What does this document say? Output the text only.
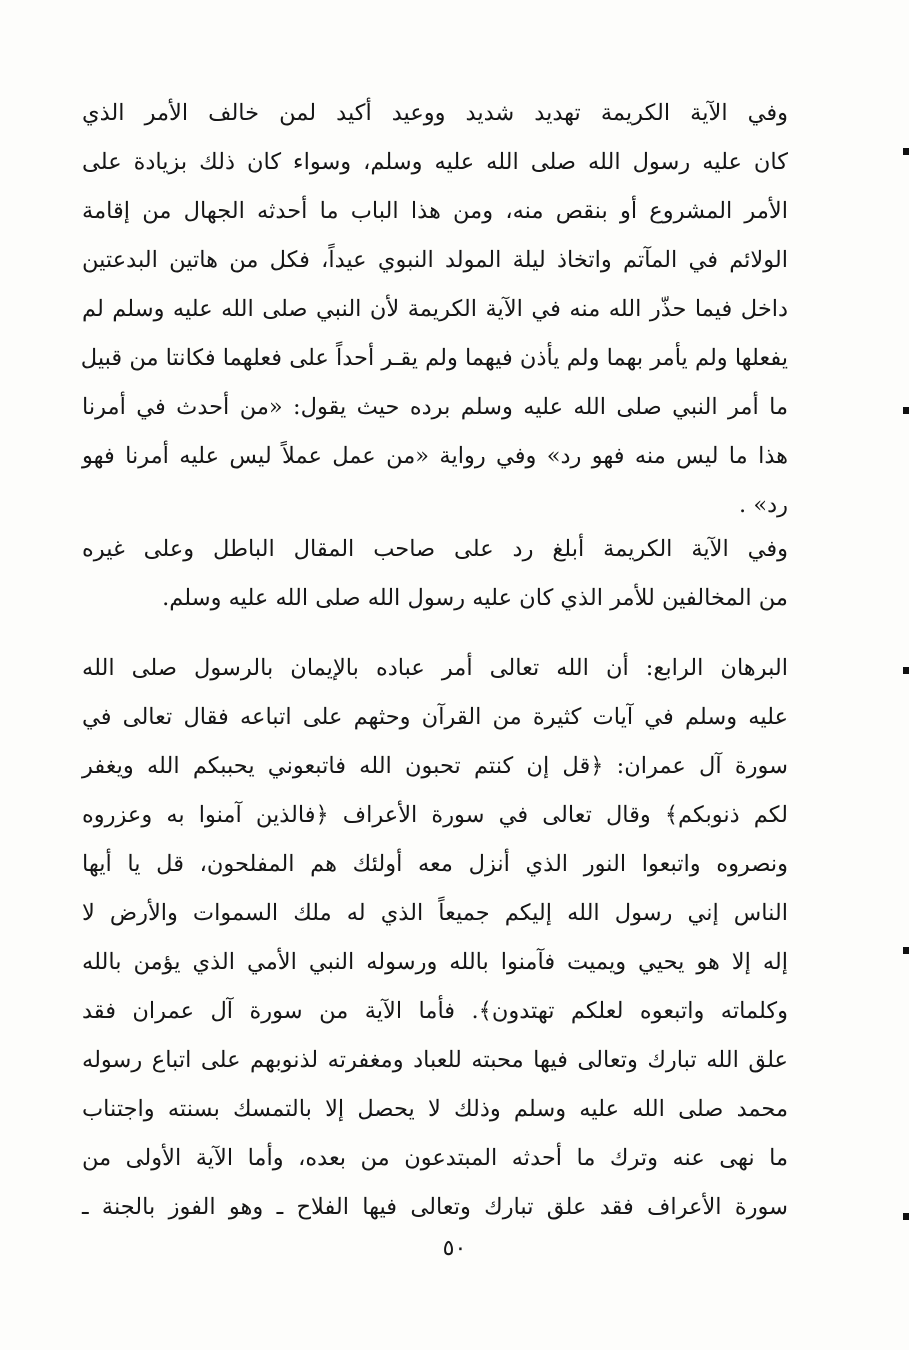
وفي الآية الكريمة تهديد شديد ووعيد أكيد لمن خالف الأمر الذي
كان عليه رسول الله صلى الله عليه وسلم، وسواء كان ذلك بزيادة على
الأمر المشروع أو بنقص منه، ومن هذا الباب ما أحدثه الجهال من إقامة
الولائم في المآتم واتخاذ ليلة المولد النبوي عيداً، فكل من هاتين البدعتين
داخل فيما حذّر الله منه في الآية الكريمة لأن النبي صلى الله عليه وسلم لم
يفعلها ولم يأمر بهما ولم يأذن فيهما ولم يقـر أحداً على فعلهما فكانتا من قبيل
ما أمر النبي صلى الله عليه وسلم برده حيث يقول: «من أحدث في أمرنا
هذا ما ليس منه فهو رد» وفي رواية «من عمل عملاً ليس عليه أمرنا فهو
رد» .
وفي الآية الكريمة أبلغ رد على صاحب المقال الباطل وعلى غيره
من المخالفين للأمر الذي كان عليه رسول الله صلى الله عليه وسلم.
البرهان الرابع: أن الله تعالى أمر عباده بالإيمان بالرسول صلى الله
عليه وسلم في آيات كثيرة من القرآن وحثهم على اتباعه فقال تعالى في
سورة آل عمران: ﴿قل إن كنتم تحبون الله فاتبعوني يحببكم الله ويغفر
لكم ذنوبكم﴾ وقال تعالى في سورة الأعراف ﴿فالذين آمنوا به وعزروه
ونصروه واتبعوا النور الذي أنزل معه أولئك هم المفلحون، قل يا أيها
الناس إني رسول الله إليكم جميعاً الذي له ملك السموات والأرض لا
إله إلا هو يحيي ويميت فآمنوا بالله ورسوله النبي الأمي الذي يؤمن بالله
وكلماته واتبعوه لعلكم تهتدون﴾. فأما الآية من سورة آل عمران فقد
علق الله تبارك وتعالى فيها محبته للعباد ومغفرته لذنوبهم على اتباع رسوله
محمد صلى الله عليه وسلم وذلك لا يحصل إلا بالتمسك بسنته واجتناب
ما نهى عنه وترك ما أحدثه المبتدعون من بعده، وأما الآية الأولى من
سورة الأعراف فقد علق تبارك وتعالى فيها الفلاح ـ وهو الفوز بالجنة ـ
٥٠
